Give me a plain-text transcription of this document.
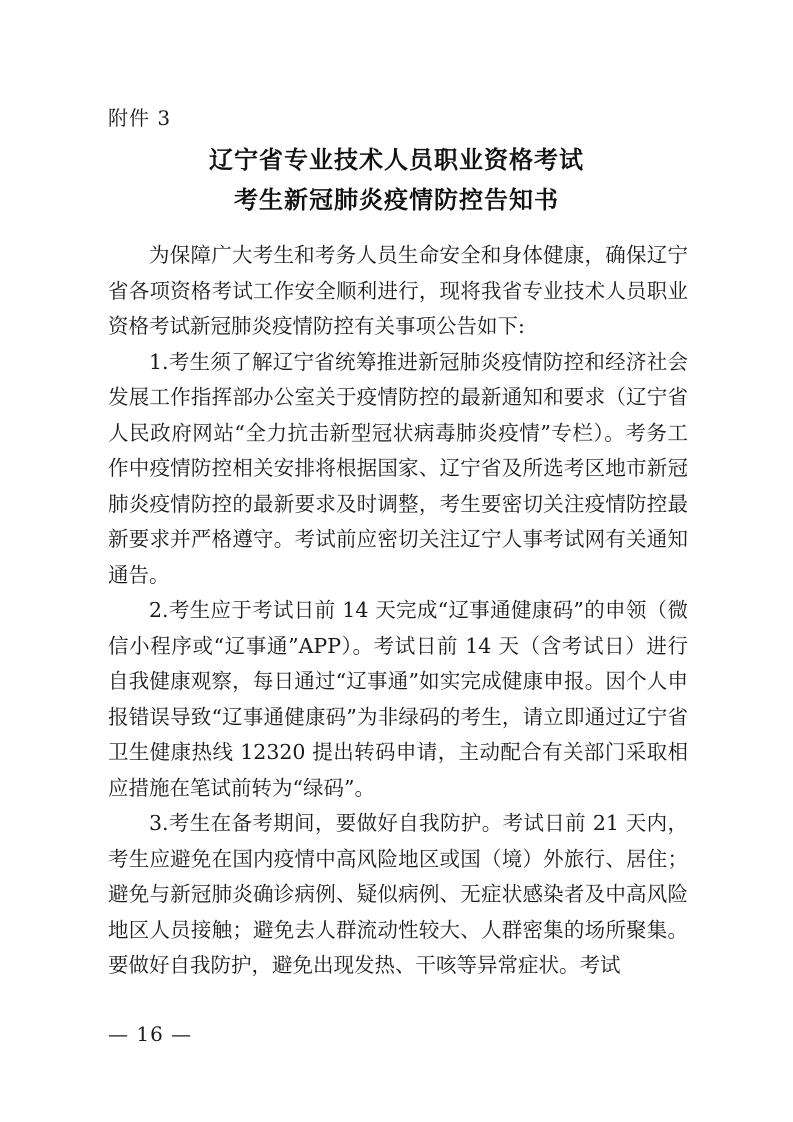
附件 3
辽宁省专业技术人员职业资格考试
考生新冠肺炎疫情防控告知书

为保障广大考生和考务人员生命安全和身体健康，确保辽宁省各项资格考试工作安全顺利进行，现将我省专业技术人员职业资格考试新冠肺炎疫情防控有关事项公告如下:

1.考生须了解辽宁省统筹推进新冠肺炎疫情防控和经济社会发展工作指挥部办公室关于疫情防控的最新通知和要求（辽宁省人民政府网站“全力抗击新型冠状病毒肺炎疫情”专栏）。考务工作中疫情防控相关安排将根据国家、辽宁省及所选考区地市新冠肺炎疫情防控的最新要求及时调整，考生要密切关注疫情防控最新要求并严格遵守。考试前应密切关注辽宁人事考试网有关通知通告。

2.考生应于考试日前 14 天完成“辽事通健康码”的申领（微信小程序或“辽事通”APP）。考试日前 14 天（含考试日）进行自我健康观察，每日通过“辽事通”如实完成健康申报。因个人申报错误导致“辽事通健康码”为非绿码的考生，请立即通过辽宁省卫生健康热线 12320 提出转码申请，主动配合有关部门采取相应措施在笔试前转为“绿码”。

3.考生在备考期间，要做好自我防护。考试日前 21 天内，考生应避免在国内疫情中高风险地区或国（境）外旅行、居住；避免与新冠肺炎确诊病例、疑似病例、无症状感染者及中高风险地区人员接触；避免去人群流动性较大、人群密集的场所聚集。要做好自我防护，避免出现发热、干咳等异常症状。考试

— 16 —
